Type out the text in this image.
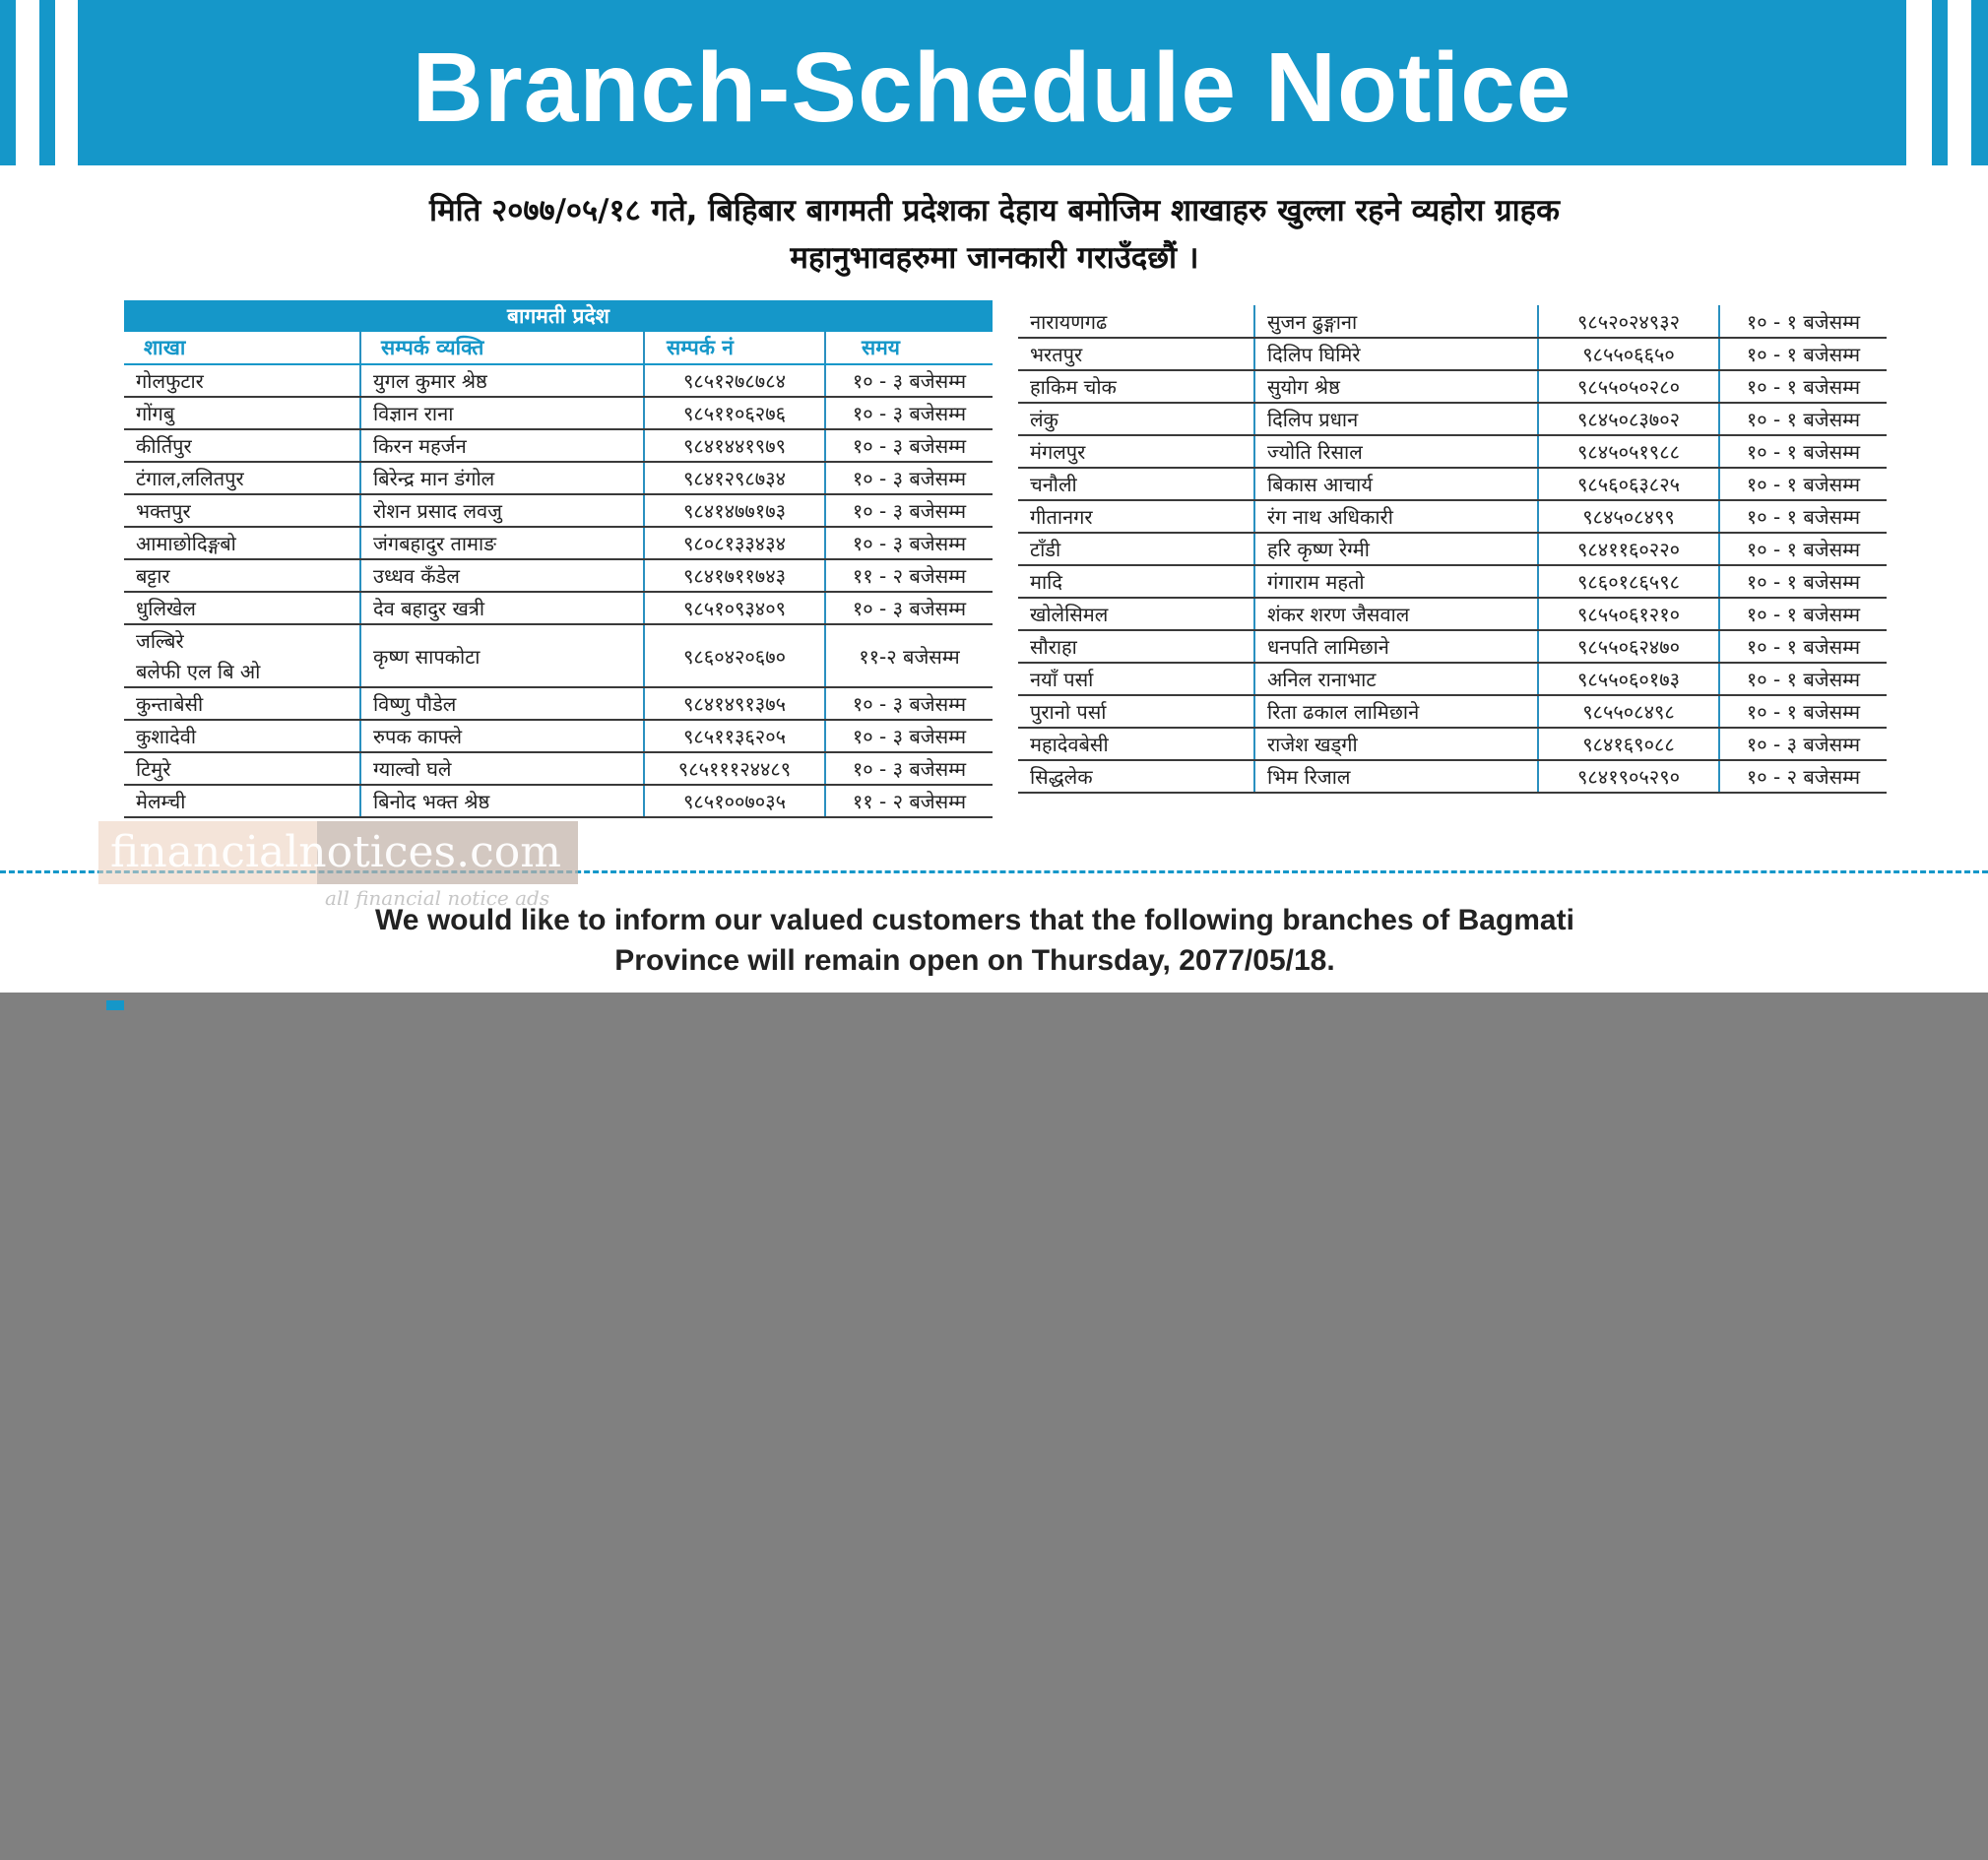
Branch-Schedule Notice
मिति २०७७/०५/१८ गते, बिहिबार बागमती प्रदेशका देहाय बमोजिम शाखाहरु खुल्ला रहने व्यहोरा ग्राहक
महानुभावहरुमा जानकारी गराउँदछौं ।
बागमती प्रदेश			
शाखा	सम्पर्क व्यक्ति	सम्पर्क नं	समय
गोलफुटार	युगल कुमार श्रेष्ठ	९८५१२७८७८४	१० - ३ बजेसम्म
गोंगबु	विज्ञान राना	९८५११०६२७६	१० - ३ बजेसम्म
कीर्तिपुर	किरन महर्जन	९८४१४४१९७९	१० - ३ बजेसम्म
टंगाल,ललितपुर	बिरेन्द्र मान डंगोल	९८४१२९८७३४	१० - ३ बजेसम्म
भक्तपुर	रोशन प्रसाद लवजु	९८४१४७७१७३	१० - ३ बजेसम्म
आमाछोदिङ्गबो	जंगबहादुर तामाङ	९८०८१३३४३४	१० - ३ बजेसम्म
बट्टार	उध्धव कँडेल	९८४१७११७४३	११ - २ बजेसम्म
धुलिखेल	देव बहादुर खत्री	९८५१०९३४०९	१० - ३ बजेसम्म
जल्बिरे	कृष्ण सापकोटा	९८६०४२०६७०	११-२ बजेसम्म
बलेफी एल बि ओ			
कुन्ताबेसी	विष्णु पौडेल	९८४१४९१३७५	१० - ३ बजेसम्म
कुशादेवी	रुपक काफ्ले	९८५११३६२०५	१० - ३ बजेसम्म
टिमुरे	ग्याल्वो घले	९८५१११२४४८९	१० - ३ बजेसम्म
मेलम्ची	बिनोद भक्त श्रेष्ठ	९८५१००७०३५	११ - २ बजेसम्म
नारायणगढ	सुजन ढुङ्गाना	९८५२०२४९३२	१० - १ बजेसम्म
भरतपुर	दिलिप घिमिरे	९८५५०६६५०	१० - १ बजेसम्म
हाकिम चोक	सुयोग श्रेष्ठ	९८५५०५०२८०	१० - १ बजेसम्म
लंकु	दिलिप प्रधान	९८४५०८३७०२	१० - १ बजेसम्म
मंगलपुर	ज्योति रिसाल	९८४५०५१९८८	१० - १ बजेसम्म
चनौली	बिकास आचार्य	९८५६०६३८२५	१० - १ बजेसम्म
गीतानगर	रंग नाथ अधिकारी	९८४५०८४९९	१० - १ बजेसम्म
टाँडी	हरि कृष्ण रेग्मी	९८४११६०२२०	१० - १ बजेसम्म
मादि	गंगाराम महतो	९८६०१८६५९८	१० - १ बजेसम्म
खोलेसिमल	शंकर शरण जैसवाल	९८५५०६१२१०	१० - १ बजेसम्म
सौराहा	धनपति लामिछाने	९८५५०६२४७०	१० - १ बजेसम्म
नयाँ पर्सा	अनिल रानाभाट	९८५५०६०१७३	१० - १ बजेसम्म
पुरानो पर्सा	रिता ढकाल लामिछाने	९८५५०८४९८	१० - १ बजेसम्म
महादेवबेसी	राजेश खड्गी	९८४१६९०८८	१० - ३ बजेसम्म
सिद्धलेक	भिम रिजाल	९८४१९०५२९०	१० - २ बजेसम्म
financialnotices.com
all financial notice ads
We would like to inform our valued customers that the following branches of Bagmati
Province will remain open on Thursday, 2077/05/18.
